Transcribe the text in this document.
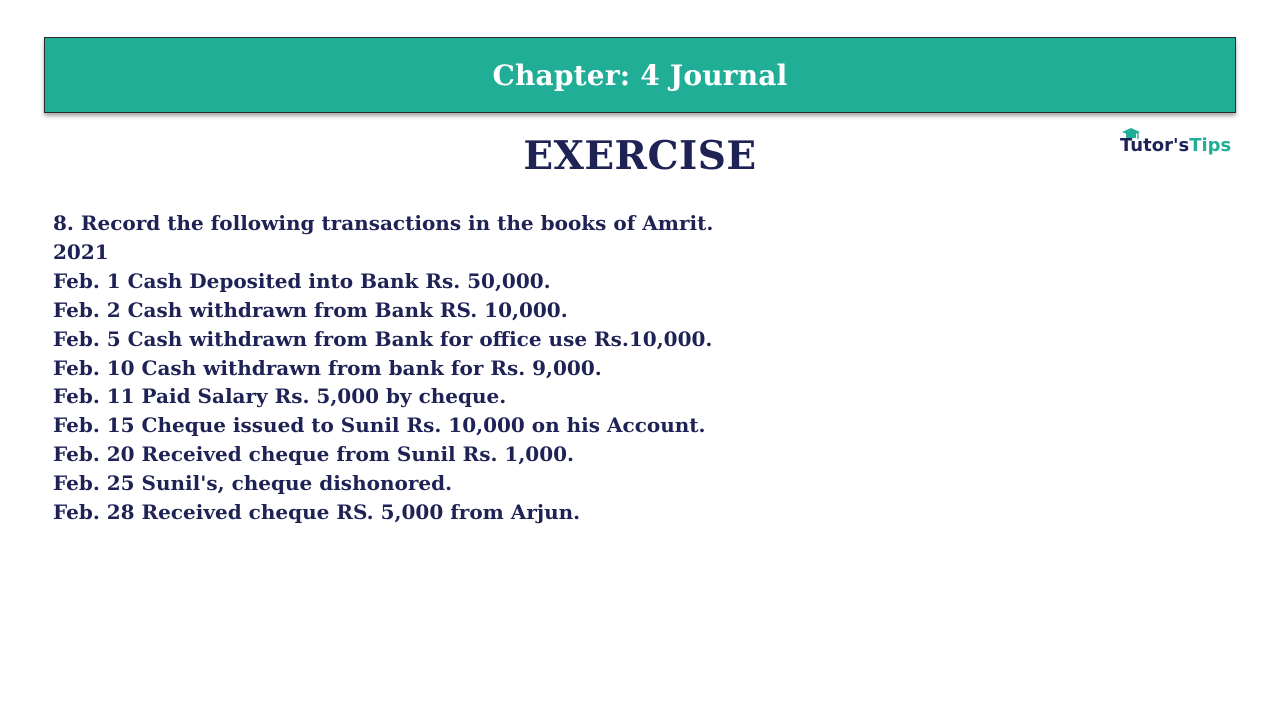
Chapter: 4 Journal
EXERCISE	Tutor'sTips
8. Record the following transactions in the books of Amrit.
2021
Feb. 1 Cash Deposited into Bank Rs. 50,000.
Feb. 2 Cash withdrawn from Bank RS. 10,000.
Feb. 5 Cash withdrawn from Bank for office use Rs.10,000.
Feb. 10 Cash withdrawn from bank for Rs. 9,000.
Feb. 11 Paid Salary Rs. 5,000 by cheque.
Feb. 15 Cheque issued to Sunil Rs. 10,000 on his Account.
Feb. 20 Received cheque from Sunil Rs. 1,000.
Feb. 25 Sunil's, cheque dishonored.
Feb. 28 Received cheque RS. 5,000 from Arjun.
